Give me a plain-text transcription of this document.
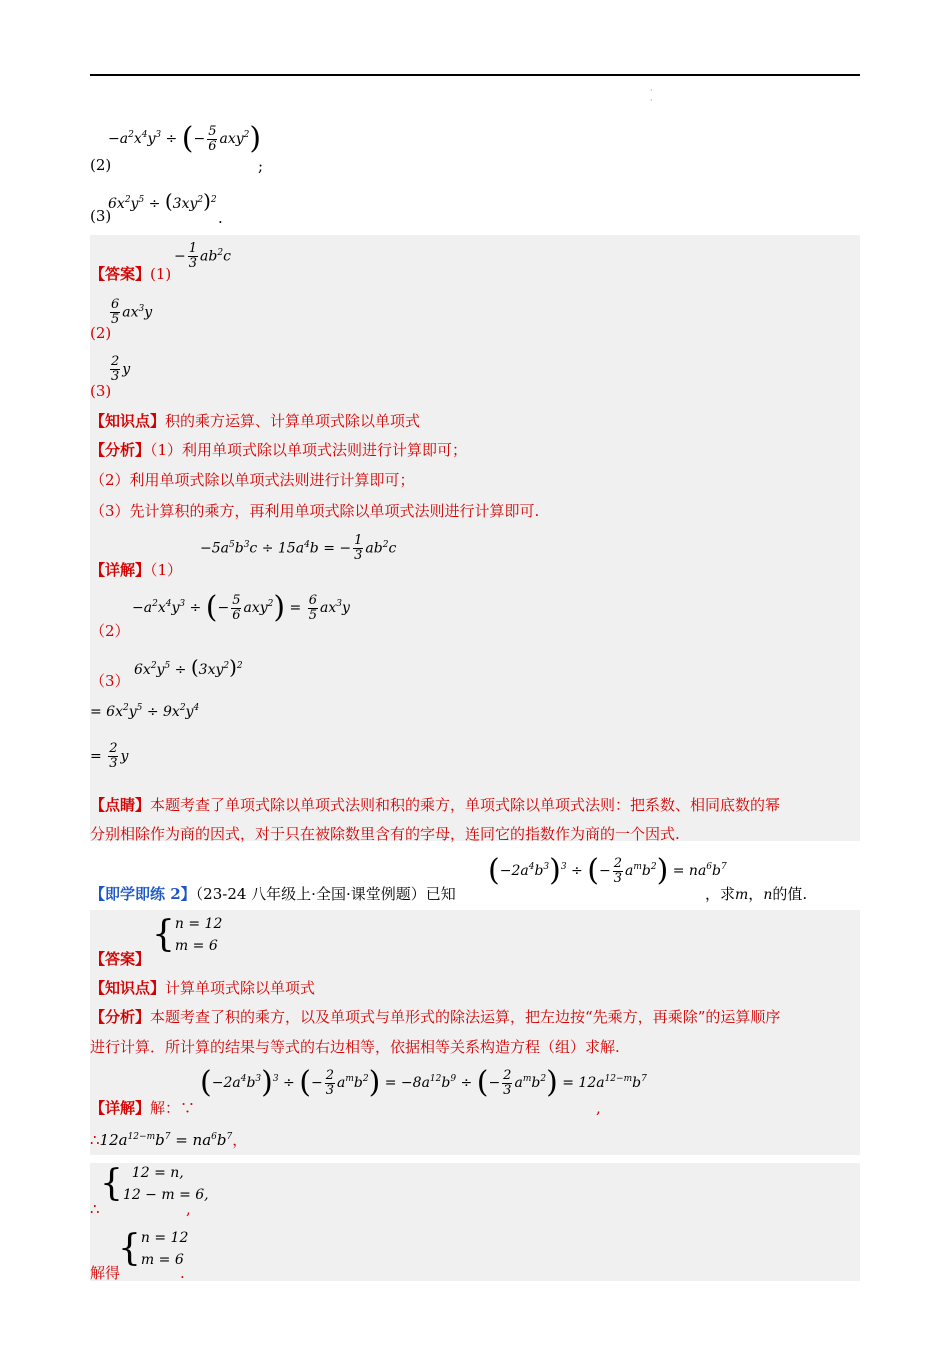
·
·
$-a^2x^4y^3$ ÷ (− $\frac{5}{6} axy^2$)
(2)	;
$6x^2y^5 \div (3xy^2)^2$
(3)	.
− $\frac{1}{3} ab^2c$
【答案】(1)
$\frac{6}{5} ax^3y$
(2)
$\frac{2}{3}$ y
(3)
【知识点】积的乘方运算、计算单项式除以单项式
【分析】（1）利用单项式除以单项式法则进行计算即可；
（2）利用单项式除以单项式法则进行计算即可；
（3）先计算积的乘方，再利用单项式除以单项式法则进行计算即可.
$-5a^5b^3c \div 15a^4b$ = − $\frac{1}{3} ab^2c$
【详解】（1）
$-a^2x^4y^3$ ÷ (− $\frac{5}{6} axy^2) = \frac{6}{5} ax^3y$
（2）
$6x^2y^5 \div (3xy^2)^2$
（3）
= $6x^2y^5 \div 9x^2y^4$
= $\frac{2}{3}$ y
【点睛】本题考查了单项式除以单项式法则和积的乘方，单项式除以单项式法则：把系数、相同底数的幂
分别相除作为商的因式，对于只在被除数里含有的字母，连同它的指数作为商的一个因式.
$(-2a^4b^3)^3$ ÷ (− $\frac{2}{3} a^mb^2) = na^6b^7$
【即学即练 2】（23-24 八年级上·全国·课堂例题）已知	，求m，n的值.
{ n = 12
m = 6
【答案】
【知识点】计算单项式除以单项式
【分析】本题考查了积的乘方，以及单项式与单形式的除法运算，把左边按“先乘方，再乘除”的运算顺序
进行计算．所计算的结果与等式的右边相等，依据相等关系构造方程（组）求解.
$(-2a^4b^3)^3$ ÷ (− $\frac{2}{3} a^mb^2) = -8a^{12}b^9$ ÷ (− $\frac{2}{3} a^mb^2) = 12a^{12-m}b^7$
【详解】解：∵	,
$\therefore 12a^{12-m}b^7 = na^6b^7$，
{ 12 = n,
12 − m = 6,
∴	,
{ n = 12
m = 6
解得	.
